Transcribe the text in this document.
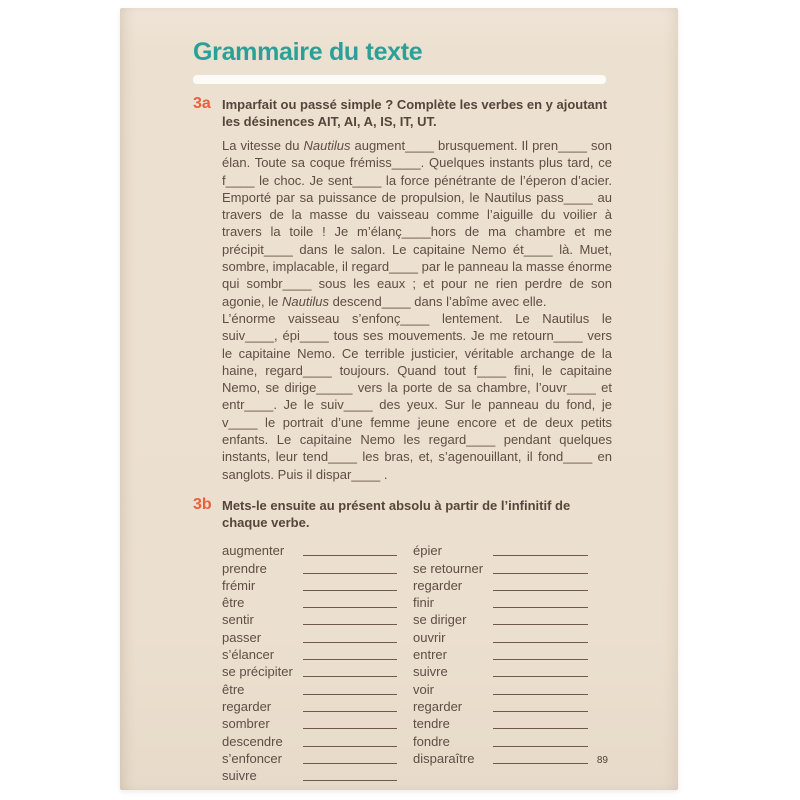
Grammaire du texte
3a Imparfait ou passé simple ? Complète les verbes en y ajoutant les désinences AIT, AI, A, IS, IT, UT.

La vitesse du Nautilus augment____ brusquement. Il pren____ son élan. Toute sa coque frémiss____. Quelques instants plus tard, ce f____ le choc. Je sent____ la force pénétrante de l’éperon d’acier. Emporté par sa puissance de propulsion, le Nautilus pass____ au travers de la masse du vaisseau comme l’aiguille du voilier à travers la toile ! Je m’élanç____hors de ma chambre et me précipit____ dans le salon. Le capitaine Nemo ét____ là. Muet, sombre, implacable, il regard____ par le panneau la masse énorme qui sombr____ sous les eaux ; et pour ne rien perdre de son agonie, le Nautilus descend____ dans l’abîme avec elle.

L’énorme vaisseau s’enfonç____ lentement. Le Nautilus le suiv____, épi____ tous ses mouvements. Je me retourn____ vers le capitaine Nemo. Ce terrible justicier, véritable archange de la haine, regard____ toujours. Quand tout f____ fini, le capitaine Nemo, se dirige_____ vers la porte de sa chambre, l’ouvr____ et entr____. Je le suiv____ des yeux. Sur le panneau du fond, je v____ le portrait d’une femme jeune encore et de deux petits enfants. Le capitaine Nemo les regard____ pendant quelques instants, leur tend____ les bras, et, s’agenouillant, il fond____ en sanglots. Puis il dispar____ .

3b Mets-le ensuite au présent absolu à partir de l’infinitif de chaque verbe.

augmenter	épier
prendre	se retourner
frémir	regarder
être	finir
sentir	se diriger
passer	ouvrir
s’élancer	entrer
se précipiter	suivre
être	voir
regarder	regarder
sombrer	tendre
descendre	fondre
s’enfoncer	disparaître
suivre
89
